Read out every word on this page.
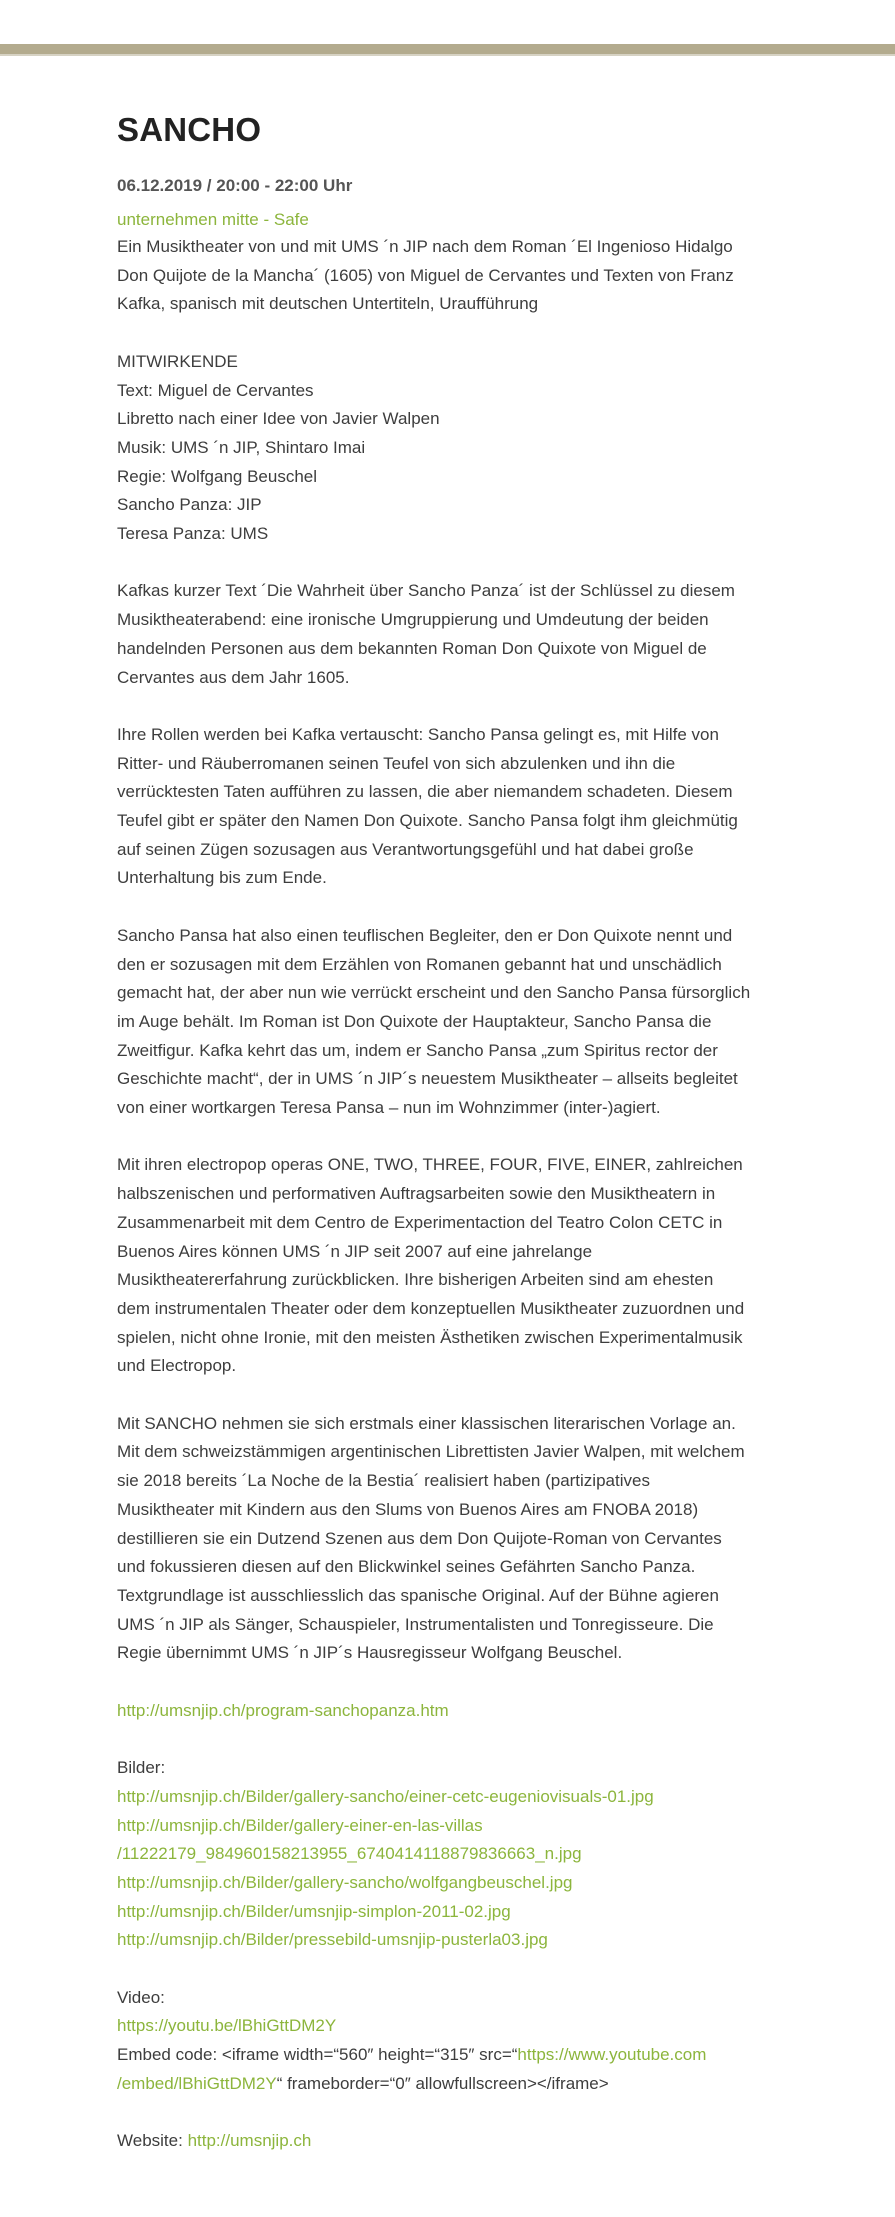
SANCHO
06.12.2019 / 20:00 - 22:00 Uhr
unternehmen mitte - Safe

Ein Musiktheater von und mit UMS ´n JIP nach dem Roman ´El Ingenioso Hidalgo
Don Quijote de la Mancha´ (1605) von Miguel de Cervantes und Texten von Franz
Kafka, spanisch mit deutschen Untertiteln, Uraufführung

MITWIRKENDE
Text: Miguel de Cervantes
Libretto nach einer Idee von Javier Walpen
Musik: UMS ´n JIP, Shintaro Imai
Regie: Wolfgang Beuschel
Sancho Panza: JIP
Teresa Panza: UMS

Kafkas kurzer Text ´Die Wahrheit über Sancho Panza´ ist der Schlüssel zu diesem
Musiktheaterabend: eine ironische Umgruppierung und Umdeutung der beiden
handelnden Personen aus dem bekannten Roman Don Quixote von Miguel de
Cervantes aus dem Jahr 1605.

Ihre Rollen werden bei Kafka vertauscht: Sancho Pansa gelingt es, mit Hilfe von
Ritter- und Räuberromanen seinen Teufel von sich abzulenken und ihn die
verrücktesten Taten aufführen zu lassen, die aber niemandem schadeten. Diesem
Teufel gibt er später den Namen Don Quixote. Sancho Pansa folgt ihm gleichmütig
auf seinen Zügen sozusagen aus Verantwortungsgefühl und hat dabei große
Unterhaltung bis zum Ende.

Sancho Pansa hat also einen teuflischen Begleiter, den er Don Quixote nennt und
den er sozusagen mit dem Erzählen von Romanen gebannt hat und unschädlich
gemacht hat, der aber nun wie verrückt erscheint und den Sancho Pansa fürsorglich
im Auge behält. Im Roman ist Don Quixote der Hauptakteur, Sancho Pansa die
Zweitfigur. Kafka kehrt das um, indem er Sancho Pansa „zum Spiritus rector der
Geschichte macht“, der in UMS ´n JIP´s neuestem Musiktheater – allseits begleitet
von einer wortkargen Teresa Pansa – nun im Wohnzimmer (inter-)agiert.

Mit ihren electropop operas ONE, TWO, THREE, FOUR, FIVE, EINER, zahlreichen
halbszenischen und performativen Auftragsarbeiten sowie den Musiktheatern in
Zusammenarbeit mit dem Centro de Experimentaction del Teatro Colon CETC in
Buenos Aires können UMS ´n JIP seit 2007 auf eine jahrelange
Musiktheatererfahrung zurückblicken. Ihre bisherigen Arbeiten sind am ehesten
dem instrumentalen Theater oder dem konzeptuellen Musiktheater zuzuordnen und
spielen, nicht ohne Ironie, mit den meisten Ästhetiken zwischen Experimentalmusik
und Electropop.

Mit SANCHO nehmen sie sich erstmals einer klassischen literarischen Vorlage an.
Mit dem schweizstämmigen argentinischen Librettisten Javier Walpen, mit welchem
sie 2018 bereits ´La Noche de la Bestia´ realisiert haben (partizipatives
Musiktheater mit Kindern aus den Slums von Buenos Aires am FNOBA 2018)
destillieren sie ein Dutzend Szenen aus dem Don Quijote-Roman von Cervantes
und fokussieren diesen auf den Blickwinkel seines Gefährten Sancho Panza.
Textgrundlage ist ausschliesslich das spanische Original. Auf der Bühne agieren
UMS ´n JIP als Sänger, Schauspieler, Instrumentalisten und Tonregisseure. Die
Regie übernimmt UMS ´n JIP´s Hausregisseur Wolfgang Beuschel.

http://umsnjip.ch/program-sanchopanza.htm

Bilder:
http://umsnjip.ch/Bilder/gallery-sancho/einer-cetc-eugeniovisuals-01.jpg
http://umsnjip.ch/Bilder/gallery-einer-en-las-villas
/11222179_984960158213955_6740414118879836663_n.jpg
http://umsnjip.ch/Bilder/gallery-sancho/wolfgangbeuschel.jpg
http://umsnjip.ch/Bilder/umsnjip-simplon-2011-02.jpg
http://umsnjip.ch/Bilder/pressebild-umsnjip-pusterla03.jpg

Video:
https://youtu.be/lBhiGttDM2Y
Embed code: <iframe width=“560″ height=“315″ src=“https://www.youtube.com
/embed/lBhiGttDM2Y“ frameborder=“0″ allowfullscreen></iframe>

Website: http://umsnjip.ch
